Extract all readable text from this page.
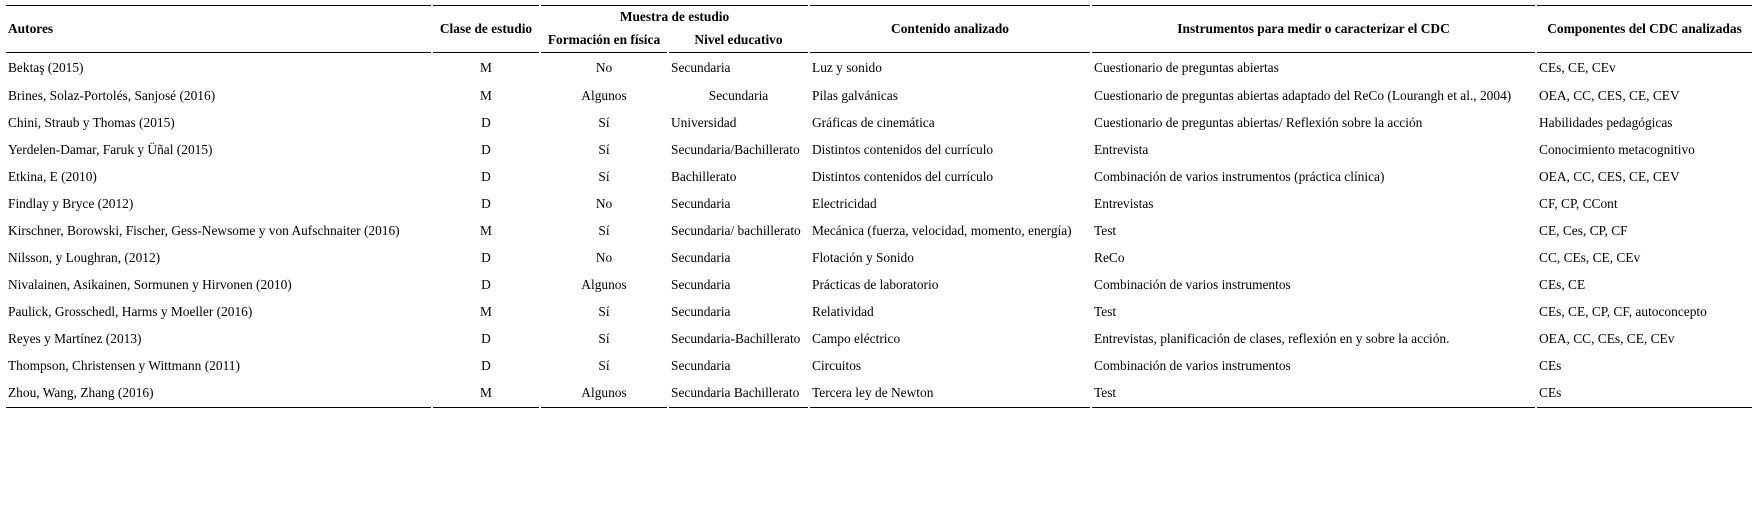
Autores	Clase de estudio	Muestra de estudio		Contenido analizado	Instrumentos para medir o caracterizar el CDC	Componentes del CDC analizadas
		Formación en física	Nivel educativo			
Bektaş (2015)	M	No	Secundaria	Luz y sonido	Cuestionario de preguntas abiertas	CEs, CE, CEv
Brines, Solaz-Portolés, Sanjosé (2016)	M	Algunos	Secundaria	Pilas galvánicas	Cuestionario de preguntas abiertas adaptado del ReCo (Lourangh et al., 2004)	OEA, CC, CES, CE, CEV
Chini, Straub y Thomas (2015)	D	Sí	Universidad	Gráficas de cinemática	Cuestionario de preguntas abiertas/ Reflexión sobre la acción	Habilidades pedagógicas
Yerdelen-Damar, Faruk y Üñal (2015)	D	Sí	Secundaria/Bachillerato	Distintos contenidos del currículo	Entrevista	Conocimiento metacognitivo
Etkina, E (2010)	D	Sí	Bachillerato	Distintos contenidos del currículo	Combinación de varios instrumentos (práctica clínica)	OEA, CC, CES, CE, CEV
Findlay y Bryce (2012)	D	No	Secundaria	Electricidad	Entrevistas	CF, CP, CCont
Kirschner, Borowski, Fischer, Gess-Newsome y von Aufschnaiter (2016)	M	Sí	Secundaria/ bachillerato	Mecánica (fuerza, velocidad, momento, energía)	Test	CE, Ces, CP, CF
Nilsson, y Loughran, (2012)	D	No	Secundaria	Flotación y Sonido	ReCo	CC, CEs, CE, CEv
Nivalainen, Asikainen, Sormunen y Hirvonen (2010)	D	Algunos	Secundaria	Prácticas de laboratorio	Combinación de varios instrumentos	CEs, CE
Paulick, Grosschedl, Harms y Moeller (2016)	M	Sí	Secundaria	Relatividad	Test	CEs, CE, CP, CF, autoconcepto
Reyes y Martínez (2013)	D	Sí	Secundaria-Bachillerato	Campo eléctrico	Entrevistas, planificación de clases, reflexión en y sobre la acción.	OEA, CC, CEs, CE, CEv
Thompson, Christensen y Wittmann (2011)	D	Sí	Secundaria	Circuitos	Combinación de varios instrumentos	CEs
Zhou, Wang, Zhang (2016)	M	Algunos	Secundaria Bachillerato	Tercera ley de Newton	Test	CEs
